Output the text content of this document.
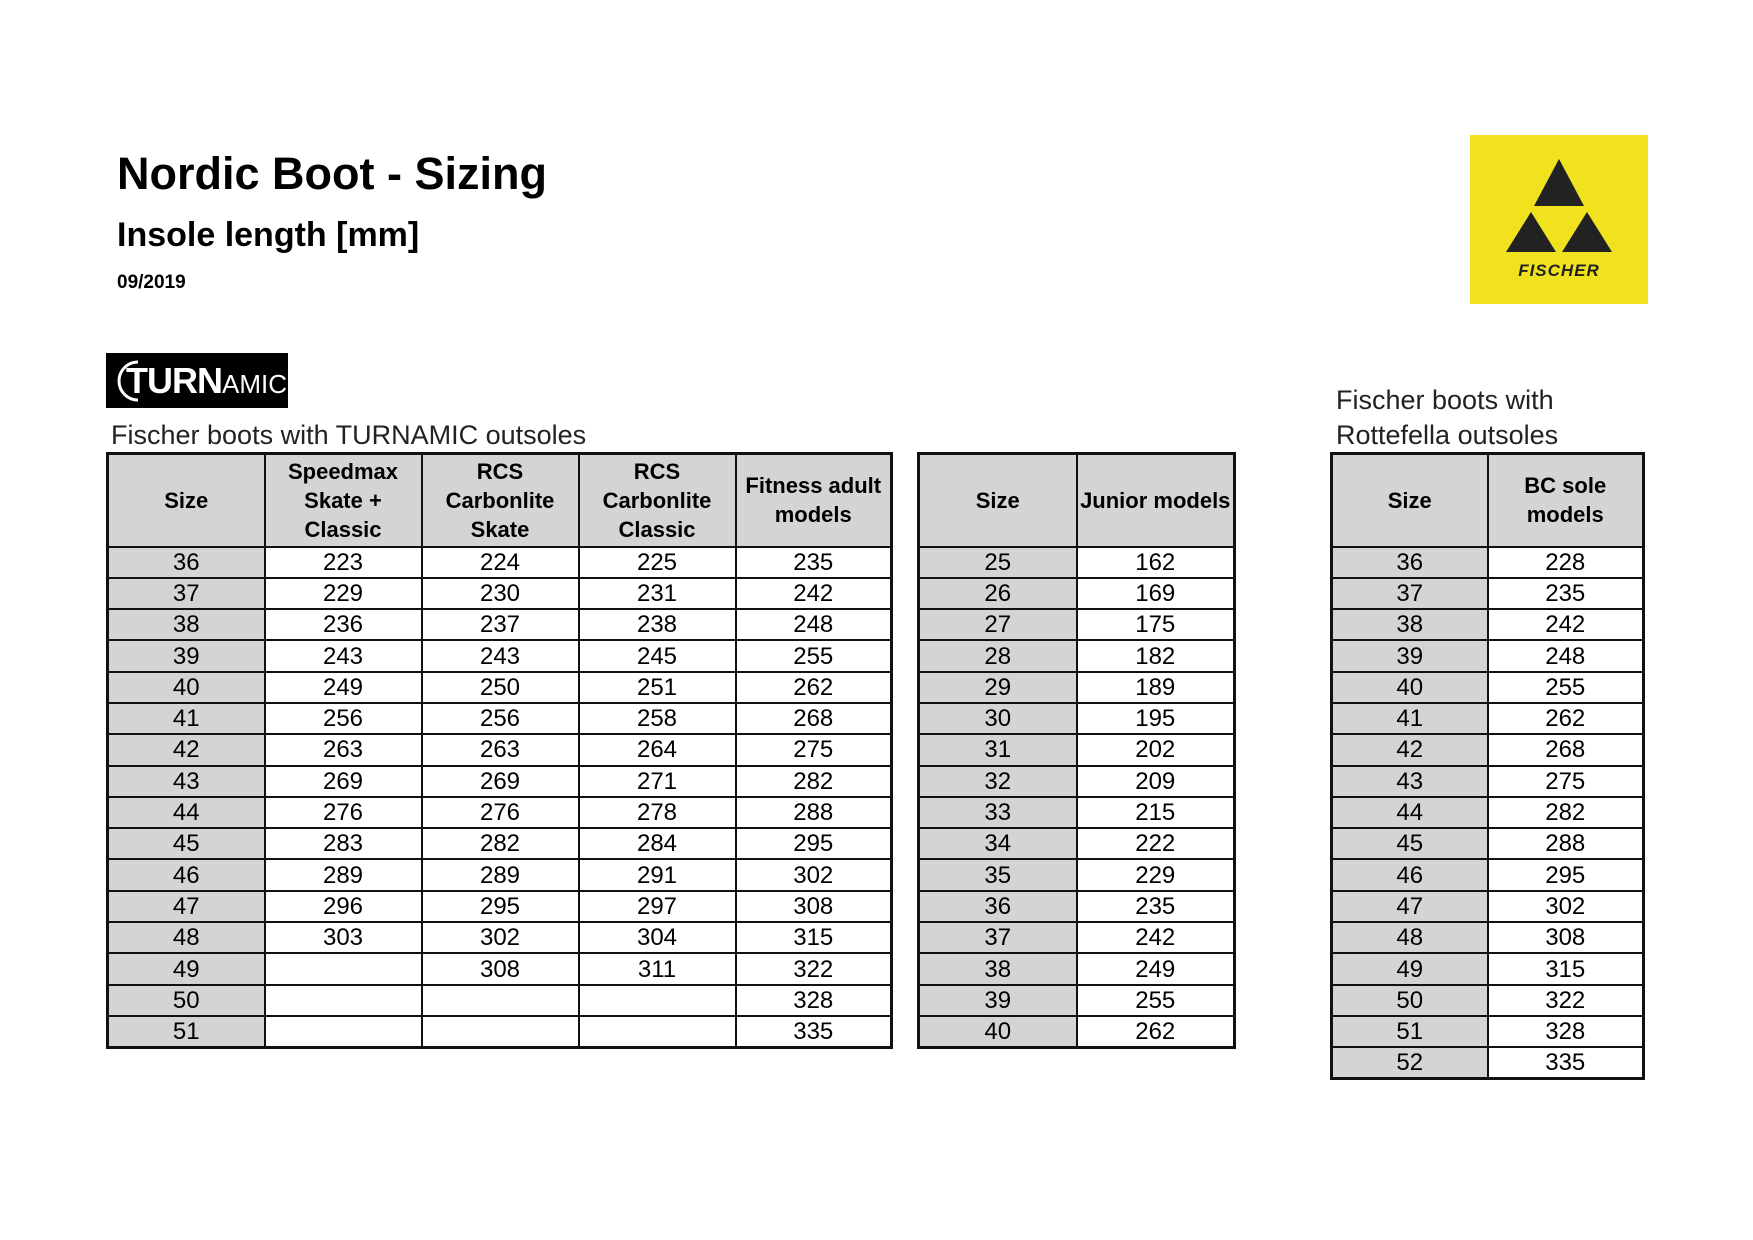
Nordic Boot - Sizing
Insole length [mm]
09/2019
FISCHER
TURNAMIC
Fischer boots with TURNAMIC outsoles
Fischer boots with Rottefella outsoles
Size	Speedmax Skate + Classic	RCS Carbonlite Skate	RCS Carbonlite Classic	Fitness adult models
36	223	224	225	235
37	229	230	231	242
38	236	237	238	248
39	243	243	245	255
40	249	250	251	262
41	256	256	258	268
42	263	263	264	275
43	269	269	271	282
44	276	276	278	288
45	283	282	284	295
46	289	289	291	302
47	296	295	297	308
48	303	302	304	315
49		308	311	322
50				328
51				335
Size	Junior models
25	162
26	169
27	175
28	182
29	189
30	195
31	202
32	209
33	215
34	222
35	229
36	235
37	242
38	249
39	255
40	262
Size	BC sole models
36	228
37	235
38	242
39	248
40	255
41	262
42	268
43	275
44	282
45	288
46	295
47	302
48	308
49	315
50	322
51	328
52	335
